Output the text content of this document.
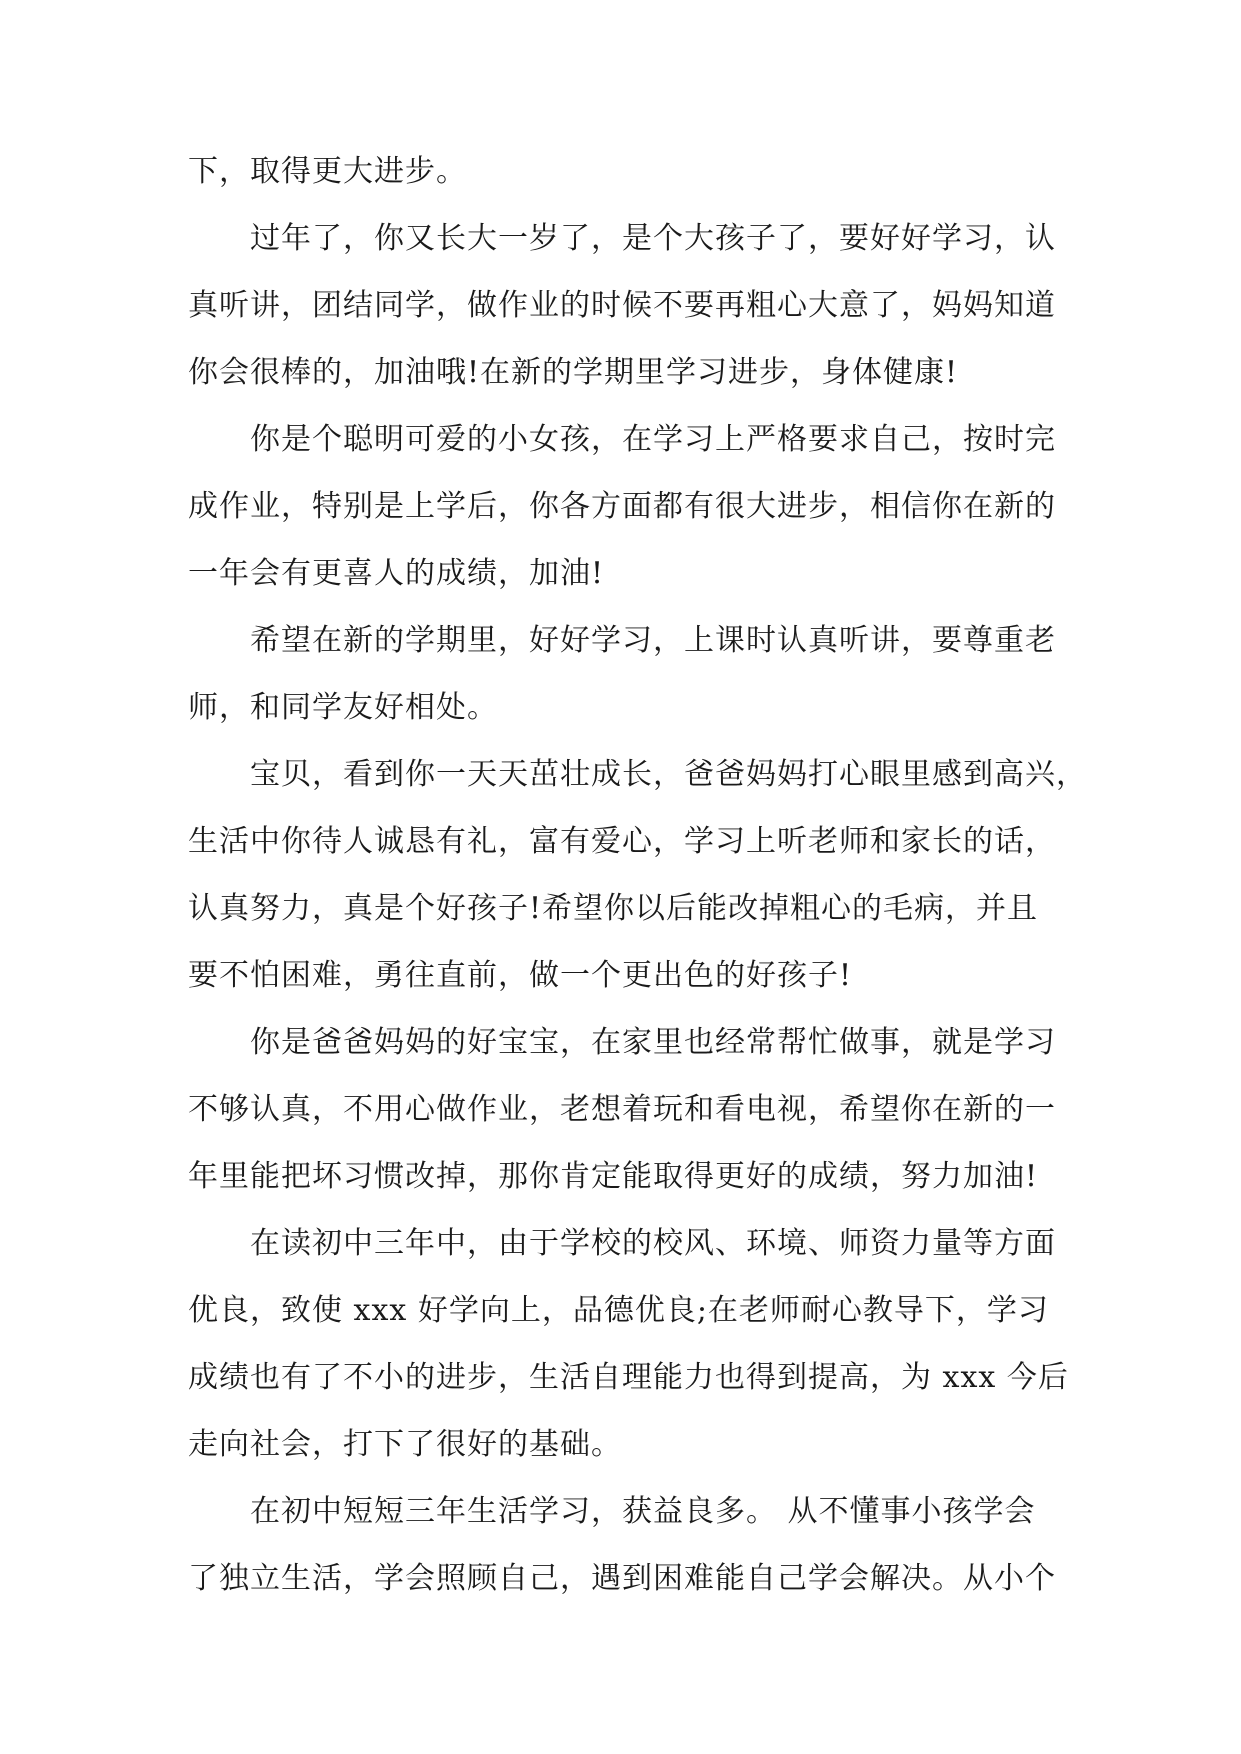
下，取得更大进步。
过年了，你又长大一岁了，是个大孩子了，要好好学习，认
真听讲，团结同学，做作业的时候不要再粗心大意了，妈妈知道
你会很棒的，加油哦!在新的学期里学习进步，身体健康!
你是个聪明可爱的小女孩，在学习上严格要求自己，按时完
成作业，特别是上学后，你各方面都有很大进步，相信你在新的
一年会有更喜人的成绩，加油!
希望在新的学期里，好好学习，上课时认真听讲，要尊重老
师，和同学友好相处。
宝贝，看到你一天天茁壮成长，爸爸妈妈打心眼里感到高兴，
生活中你待人诚恳有礼，富有爱心，学习上听老师和家长的话，
认真努力，真是个好孩子!希望你以后能改掉粗心的毛病，并且
要不怕困难，勇往直前，做一个更出色的好孩子!
你是爸爸妈妈的好宝宝，在家里也经常帮忙做事，就是学习
不够认真，不用心做作业，老想着玩和看电视，希望你在新的一
年里能把坏习惯改掉，那你肯定能取得更好的成绩，努力加油!
在读初中三年中，由于学校的校风、环境、师资力量等方面
优良，致使 xxx 好学向上，品德优良;在老师耐心教导下，学习
成绩也有了不小的进步，生活自理能力也得到提高，为 xxx 今后
走向社会，打下了很好的基础。
在初中短短三年生活学习，获益良多。 从不懂事小孩学会
了独立生活，学会照顾自己，遇到困难能自己学会解决。从小个
